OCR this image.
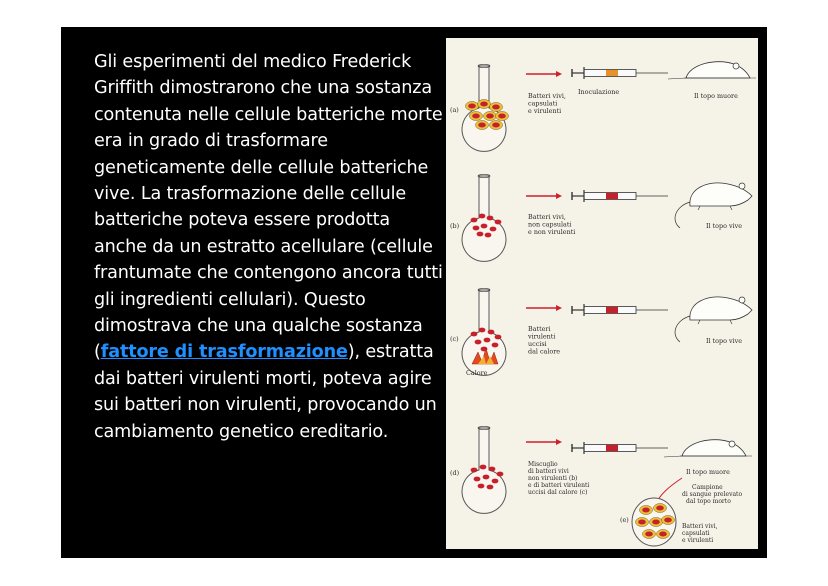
Gli esperimenti del medico Frederick Griffith dimostrarono che una sostanza contenuta nelle cellule batteriche morte era in grado di trasformare geneticamente delle cellule batteriche vive. La trasformazione delle cellule batteriche poteva essere prodotta anche da un estratto acellulare (cellule frantumate che contengono ancora tutti gli ingredienti cellulari). Questo dimostrava che una qualche sostanza (fattore di trasformazione), estratta dai batteri virulenti morti, poteva agire sui batteri non virulenti, provocando un cambiamento genetico ereditario.
(a)
Batteri vivi, capsulati e virulenti
Inoculazione	Il topo muore
(b)
Batteri vivi, non capsulati e non virulenti
Il topo vive
(c)
Calore
Batteri virulenti uccisi dal calore
Il topo vive
(d)
Miscuglio di batteri vivi non virulenti (b) e di batteri virulenti uccisi dal calore (c)
Il topo muore
Campione di sangue prelevato dal topo morto
(e)
Batteri vivi, capsulati e virulenti
